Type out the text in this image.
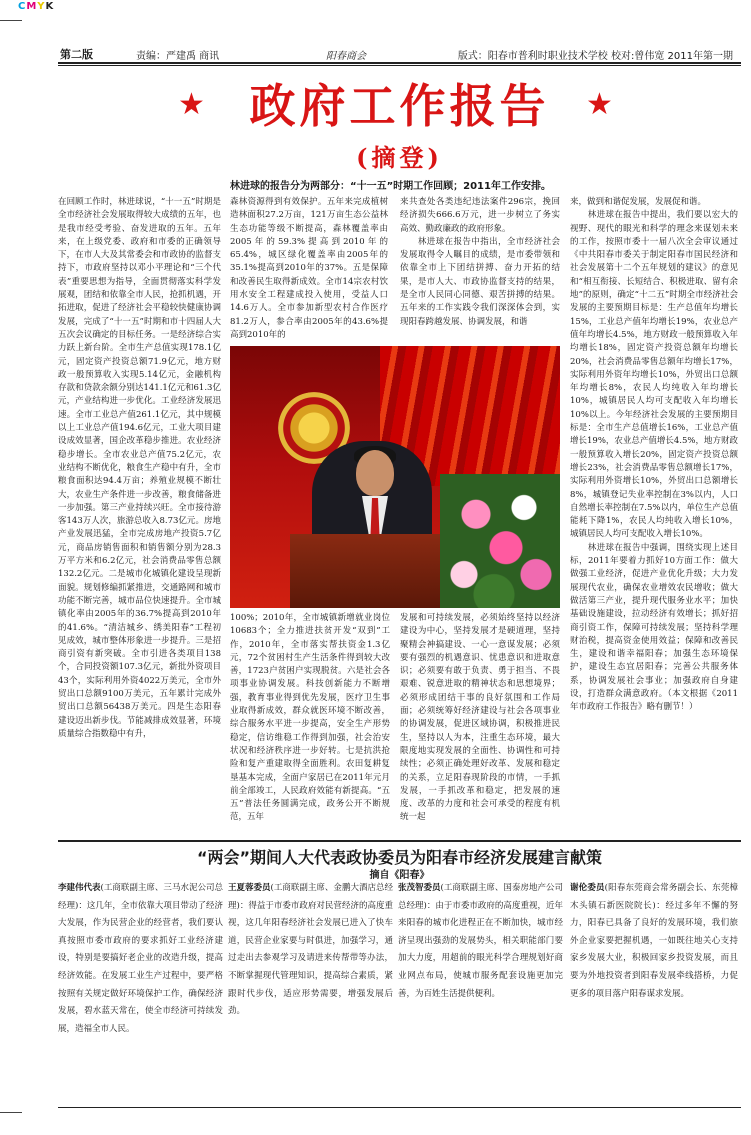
CMYK
第二版	责编：严建禹 商讯	阳春商会	版式：阳春市普利时职业技术学校 校对:曾伟宽 2011年第一期
★ 政府工作报告	★
(摘登)
林进球的报告分为两部分：“十一五”时期工作回顾；2011年工作安排。
在回顾工作时，林进球说，“十一五”时期是全市经济社会发展取得较大成绩的五年，也是我市经受考验、奋发进取的五年。五年来，在上级党委、政府和市委的正确领导下，在市人大及其常委会和市政协的监督支持下，市政府坚持以邓小平理论和“三个代表”重要思想为指导，全面贯彻落实科学发展观，团结和依靠全市人民，抢抓机遇，开拓进取，促进了经济社会平稳较快健康协调发展，完成了“十一五”时期和市十四届人大五次会议确定的目标任务。一是经济综合实力跃上新台阶。全市生产总值实现178.1亿元，固定资产投资总额71.9亿元，地方财政一般预算收入实现5.14亿元，金融机构存款和贷款余额分别达141.1亿元和61.3亿元，产业结构进一步优化。工业经济发展迅速。全市工业总产值261.1亿元，其中规模以上工业总产值194.6亿元，工业大项目建设成效显著，国企改革稳步推进。农业经济稳步增长。全市农业总产值75.2亿元，农业结构不断优化，粮食生产稳中有升，全市粮食面积达94.4万亩；养殖业规模不断壮大，农业生产条件进一步改善，粮食储备进一步加强。第三产业持续兴旺。全市接待游客143万人次，旅游总收入8.73亿元。房地产业发展迅猛，全市完成房地产投资5.7亿元，商品房销售面积和销售额分别为28.3万平方米和6.2亿元，社会消费品零售总额132.2亿元。二是城市化城镇化建设呈现新面貌。规划修编抓紧推进，交通路网和城市功能不断完善，城市品位快速提升。全市城镇化率由2005年的36.7%提高到2010年的41.6%。“清洁城乡、绣美阳春”工程初见成效，城市整体形象进一步提升。三是招商引资有新突破。全市引进各类项目138个，合同投资额107.3亿元，新批外资项目43个，实际利用外资4022万美元，全市外贸出口总额9100万美元，五年累计完成外贸出口总额56438万美元。四是生态阳春建设迈出新步伐。节能减排成效显著，环境质量综合指数稳中有升，
森林资源得到有效保护。五年来完成植树造林面积27.2万亩，121万亩生态公益林生态功能等级不断提高，森林覆盖率由2005年的59.3%提高到2010年的65.4%，城区绿化覆盖率由2005年的35.1%提高到2010年的37%。五是保障和改善民生取得新成效。全市14宗农村饮用水安全工程建成投入使用，受益人口14.6万人。全市参加新型农村合作医疗81.2万人，参合率由2005年的43.6%提高到2010年的
来共查处各类违纪违法案件296宗，挽回经济损失666.6万元，进一步树立了务实高效、勤政廉政的政府形象。
　　林进球在报告中指出，全市经济社会发展取得令人瞩目的成绩，是市委带领和依靠全市上下团结拼搏、奋力开拓的结果，是市人大、市政协监督支持的结果，是全市人民同心同德、艰苦拼搏的结果。五年来的工作实践令我们深深体会到，实现阳春跨越发展、协调发展，和谐
100%；2010年，全市城镇新增就业岗位10683个；全力推进扶贫开发“双到”工作，2010年，全市落实帮扶资金1.3亿元，72个贫困村生产生活条件得到较大改善，1723户贫困户实现脱贫。六是社会各项事业协调发展。科技创新能力不断增强，教育事业得到优先发展，医疗卫生事业取得新成效，群众就医环境不断改善，综合服务水平进一步提高，安全生产形势稳定，信访维稳工作得到加强，社会治安状况和经济秩序进一步好转。七是抗洪抢险和复产重建取得全面胜利。农田复耕复垦基本完成，全面户家居已在2011年元月前全部竣工，人民政府效能有新提高。“五五”普法任务圆满完成，政务公开不断规范，五年
发展和可持续发展，必须始终坚持以经济建设为中心，坚持发展才是硬道理，坚持聚精会神搞建设、一心一意谋发展；必须要有强烈的机遇意识、忧患意识和进取意识；必须要有敢于负责、勇于担当、不畏艰难、锐意进取的精神状态和思想境界；必须形成团结干事的良好氛围和工作局面；必须统筹好经济建设与社会各项事业的协调发展，促进区域协调，积极推进民生，坚持以人为本，注重生态环境，最大限度地实现发展的全面性、协调性和可持续性；必须正确处理好改革、发展和稳定的关系，立足阳春现阶段的市情，一手抓发展，一手抓改革和稳定，把发展的速度、改革的力度和社会可承受的程度有机统一起
来，做到和谐促发展，发展促和谐。
　　林进球在报告中提出，我们要以宏大的视野、现代的眼光和科学的理念来谋划未来的工作，按照市委十一届八次全会审议通过《中共阳春市委关于制定阳春市国民经济和社会发展第十二个五年规划的建议》的意见和“相互衔接、长短结合、积极进取、留有余地”的原则，确定“十二五”时期全市经济社会发展的主要预期目标是：生产总值年均增长15%，工业总产值年均增长19%，农业总产值年均增长4.5%，地方财政一般预算收入年均增长18%，固定资产投资总额年均增长20%，社会消费品零售总额年均增长17%，实际利用外资年均增长10%，外贸出口总额年均增长8%，农民人均纯收入年均增长10%，城镇居民人均可支配收入年均增长10%以上。今年经济社会发展的主要预期目标是：全市生产总值增长16%，工业总产值增长19%，农业总产值增长4.5%，地方财政一般预算收入增长20%，固定资产投资总额增长23%，社会消费品零售总额增长17%，实际利用外资增长10%，外贸出口总额增长8%，城镇登记失业率控制在3%以内，人口自然增长率控制在7.5%以内，单位生产总值能耗下降1%，农民人均纯收入增长10%，城镇居民人均可支配收入增长10%。
　　林进球在报告中强调，围绕实现上述目标，2011年要着力抓好10方面工作：做大做强工业经济，促进产业优化升级；大力发展现代农业，确保农业增效农民增收；做大做活第三产业，提升现代服务业水平；加快基础设施建设，拉动经济有效增长；抓好招商引资工作，保障可持续发展；坚持科学理财治税，提高资金使用效益；保障和改善民生，建设和谐幸福阳春；加强生态环境保护，建设生态宜居阳春；完善公共服务体系，协调发展社会事业；加强政府自身建设，打造群众满意政府。（本文根据《2011年市政府工作报告》略有删节！）
“两会”期间人大代表政协委员为阳春市经济发展建言献策
摘自《阳春》
李建伟代表(工商联副主席、三马水泥公司总经理)：这几年，全市依靠大项目带动了经济大发展，作为民营企业的经营者，我们要认真按照市委市政府的要求抓好工业经济建设，特别是要搞好老企业的改造升级，提高经济效能。在发展工业生产过程中，要严格按照有关规定做好环境保护工作，确保经济发展，碧水蓝天常在，使全市经济可持续发展，造福全市人民。
王夏蓉委员(工商联副主席、金鹏大酒店总经理)：得益于市委市政府对民营经济的高度重视，这几年阳春经济社会发展已进入了快车道，民营企业家要与时俱进，加强学习，通过走出去参观学习及请进来传帮带等办法，不断掌握现代管理知识，提高综合素质，紧跟时代步伐，适应形势需要，增强发展后劲。
张茂智委员(工商联副主席、国泰房地产公司总经理)：由于市委市政府的高度重视，近年来阳春的城市化进程正在不断加快，城市经济呈现出强劲的发展势头，相关职能部门要加大力度，用超前的眼光科学合理规划好商业网点布局，使城市服务配套设施更加完善，为百姓生活提供便利。
谢伦委员(阳春东莞商会常务副会长、东莞樟木头镇石新医院院长)：经过多年不懈的努力，阳春已具备了良好的发展环境，我们旅外企业家要把握机遇，一如既往地关心支持家乡发展大业，积极回家乡投资发展，而且要为外地投资者到阳春发展牵线搭桥，力促更多的项目落户阳春谋求发展。
